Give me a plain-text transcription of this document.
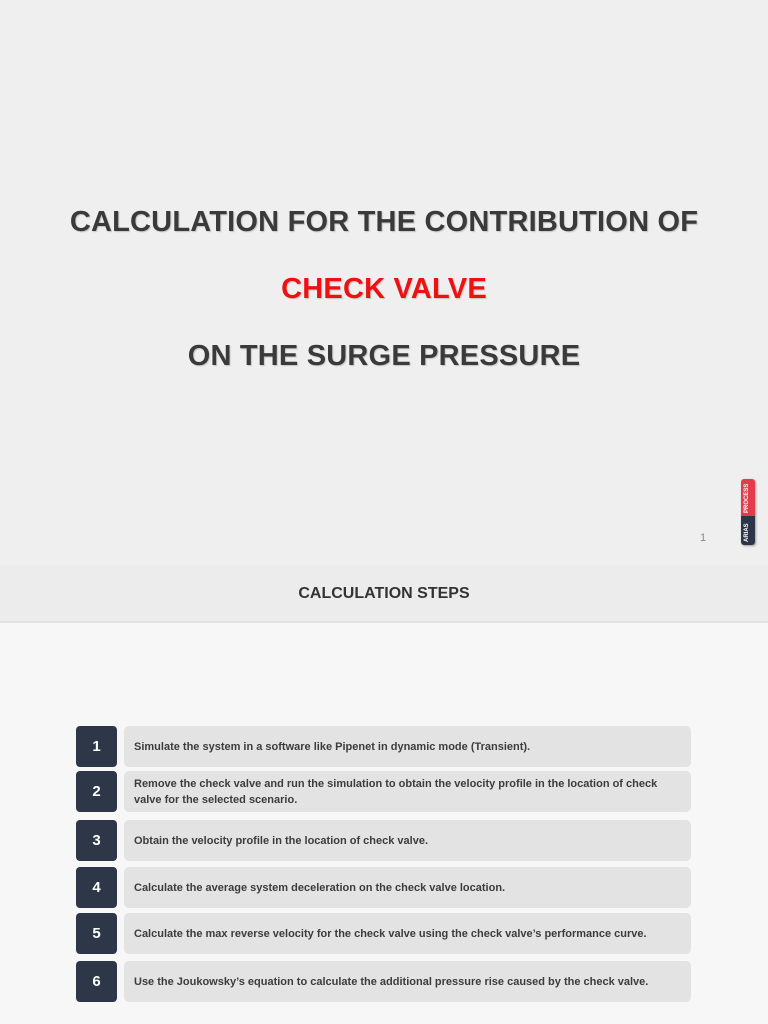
CALCULATION FOR THE CONTRIBUTION OF
CHECK VALVE
ON THE SURGE PRESSURE
1
PROCESS
ARIAS
CALCULATION STEPS
1	Simulate the system in a software like Pipenet in dynamic mode (Transient).
2	Remove the check valve and run the simulation to obtain the velocity profile in the location of check valve for the selected scenario.
3	Obtain the velocity profile in the location of check valve.
4	Calculate the average system deceleration on the check valve location.
5	Calculate the max reverse velocity for the check valve using the check valve’s performance curve.
6	Use the Joukowsky’s equation to calculate the additional pressure rise caused by the check valve.
